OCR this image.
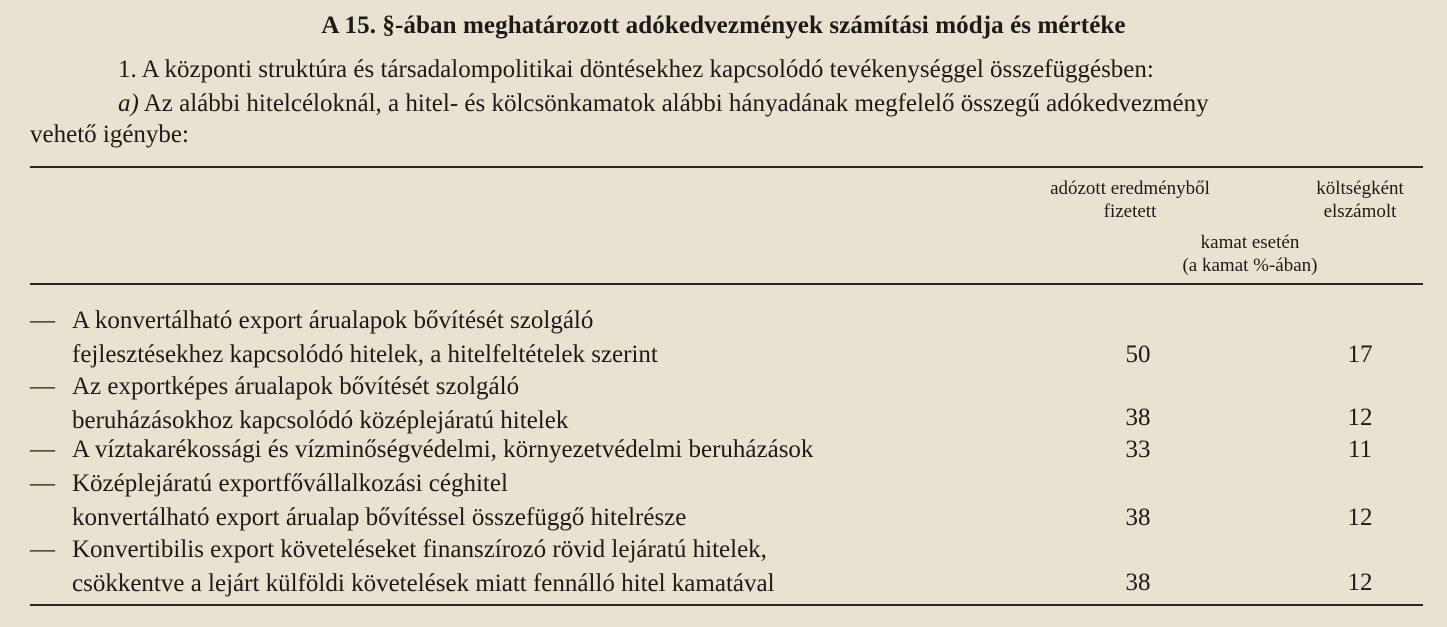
A 15. §-ában meghatározott adókedvezmények számítási módja és mértéke
1. A központi struktúra és társadalompolitikai döntésekhez kapcsolódó tevékenységgel összefüggésben:
a) Az alábbi hitelcéloknál, a hitel- és kölcsönkamatok alábbi hányadának megfelelő összegű adókedvezmény
vehető igénybe:
adózott eredményből
fizetett
költségként
elszámolt
kamat esetén
(a kamat %-ában)
— A konvertálható export árualapok bővítését szolgáló
fejlesztésekhez kapcsolódó hitelek, a hitelfeltételek szerint	50	17
— Az exportképes árualapok bővítését szolgáló
beruházásokhoz kapcsolódó középlejáratú hitelek	38	12
— A víztakarékossági és vízminőségvédelmi, környezetvédelmi beruházások	33	11
— Középlejáratú exportfővállalkozási céghitel
konvertálható export árualap bővítéssel összefüggő hitelrésze	38	12
— Konvertibilis export követeléseket finanszírozó rövid lejáratú hitelek,
csökkentve a lejárt külföldi követelések miatt fennálló hitel kamatával	38	12
